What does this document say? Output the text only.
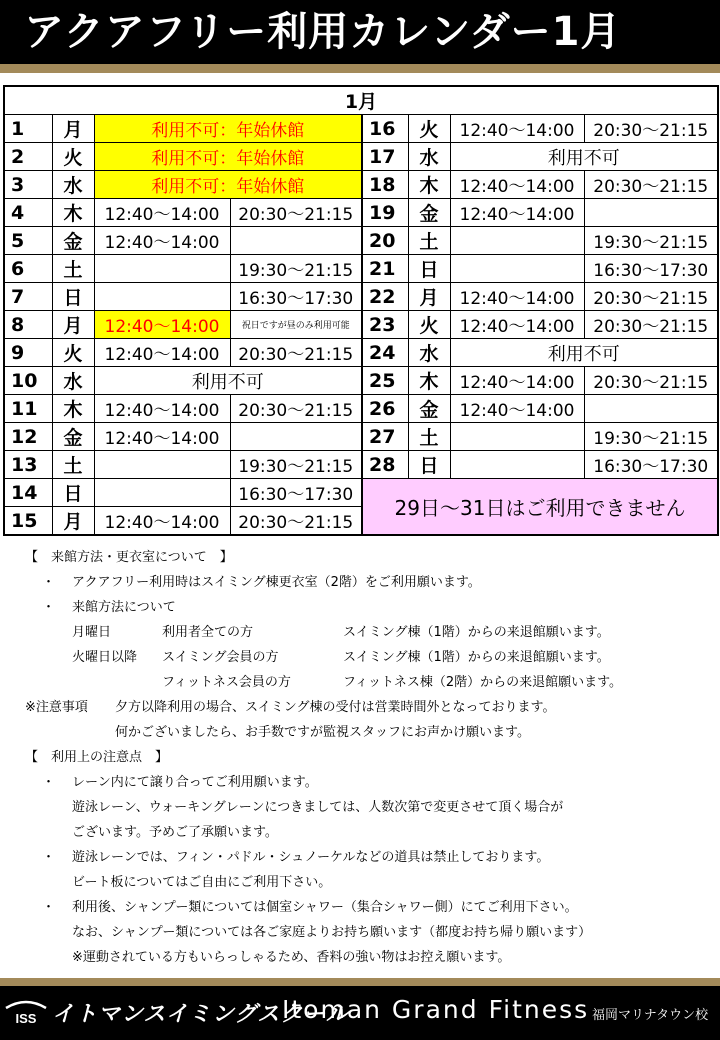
アクアフリー利用カレンダー1月
1月							
1	月	利用不可：年始休館		16	火	12:40～14:00	20:30～21:15
2	火	利用不可：年始休館		17	水	利用不可	
3	水	利用不可：年始休館		18	木	12:40～14:00	20:30～21:15
4	木	12:40～14:00	20:30～21:15	19	金	12:40～14:00	
5	金	12:40～14:00		20	土		19:30～21:15
6	土		19:30～21:15	21	日		16:30～17:30
7	日		16:30～17:30	22	月	12:40～14:00	20:30～21:15
8	月	12:40～14:00	祝日ですが昼のみ利用可能	23	火	12:40～14:00	20:30～21:15
9	火	12:40～14:00	20:30～21:15	24	水	利用不可	
10	水	利用不可		25	木	12:40～14:00	20:30～21:15
11	木	12:40～14:00	20:30～21:15	26	金	12:40～14:00	
12	金	12:40～14:00		27	土		19:30～21:15
13	土		19:30～21:15	28	日		16:30～17:30
14	日		16:30～17:30	29日～31日はご利用できません			
15	月	12:40～14:00	20:30～21:15				
【　来館方法・更衣室について　】
・ アクアフリー利用時はスイミング棟更衣室（2階）をご利用願います。
・ 来館方法について
月曜日	利用者全ての方	スイミング棟（1階）からの来退館願います。
火曜日以降 スイミング会員の方	スイミング棟（1階）からの来退館願います。
フィットネス会員の方	フィットネス棟（2階）からの来退館願います。
※注意事項 夕方以降利用の場合、スイミング棟の受付は営業時間外となっております。
何かございましたら、お手数ですが監視スタッフにお声かけ願います。
【　利用上の注意点　】
・ レーン内にて譲り合ってご利用願います。
遊泳レーン、ウォーキングレーンにつきましては、人数次第で変更させて頂く場合が
ございます。予めご了承願います。
・ 遊泳レーンでは、フィン・パドル・シュノーケルなどの道具は禁止しております。
ビート板についてはご自由にご利用下さい。
・ 利用後、シャンプー類については個室シャワー（集合シャワー側）にてご利用下さい。
なお、シャンプー類については各ご家庭よりお持ち願います（都度お持ち帰り願います）
※運動されている方もいらっしゃるため、香料の強い物はお控え願います。
ISS イトマンスイミングスクール
Itoman Grand Fitness 福岡マリナタウン校
